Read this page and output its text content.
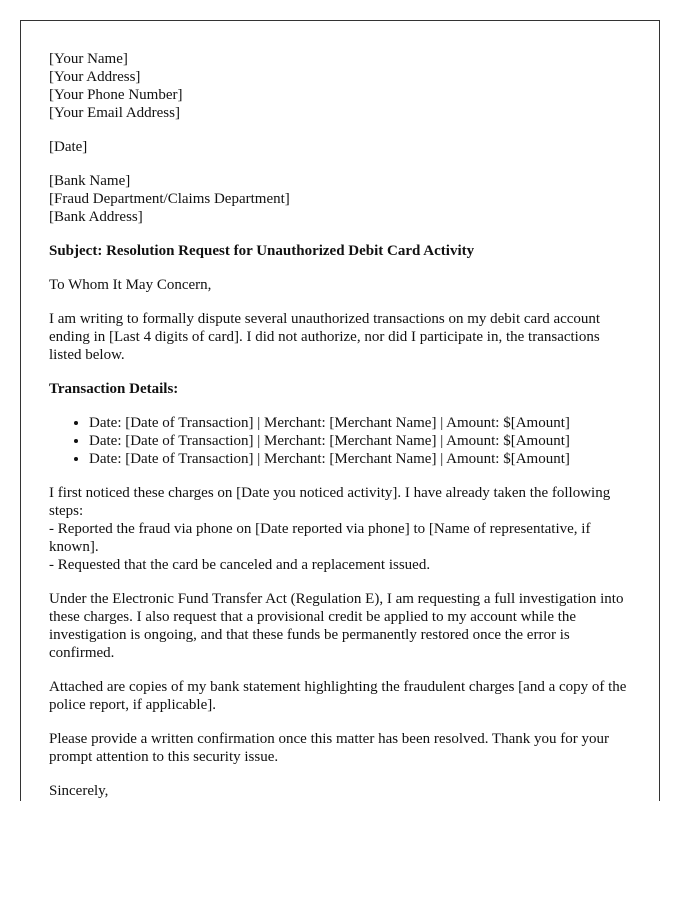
[Your Name]
[Your Address]
[Your Phone Number]
[Your Email Address]

[Date]

[Bank Name]
[Fraud Department/Claims Department]
[Bank Address]

Subject: Resolution Request for Unauthorized Debit Card Activity

To Whom It May Concern,

I am writing to formally dispute several unauthorized transactions on my debit card account ending in [Last 4 digits of card]. I did not authorize, nor did I participate in, the transactions listed below.

Transaction Details:

• Date: [Date of Transaction] | Merchant: [Merchant Name] | Amount: $[Amount]
• Date: [Date of Transaction] | Merchant: [Merchant Name] | Amount: $[Amount]
• Date: [Date of Transaction] | Merchant: [Merchant Name] | Amount: $[Amount]

I first noticed these charges on [Date you noticed activity]. I have already taken the following steps:
- Reported the fraud via phone on [Date reported via phone] to [Name of representative, if known].
- Requested that the card be canceled and a replacement issued.

Under the Electronic Fund Transfer Act (Regulation E), I am requesting a full investigation into these charges. I also request that a provisional credit be applied to my account while the investigation is ongoing, and that these funds be permanently restored once the error is confirmed.

Attached are copies of my bank statement highlighting the fraudulent charges [and a copy of the police report, if applicable].

Please provide a written confirmation once this matter has been resolved. Thank you for your prompt attention to this security issue.

Sincerely,
